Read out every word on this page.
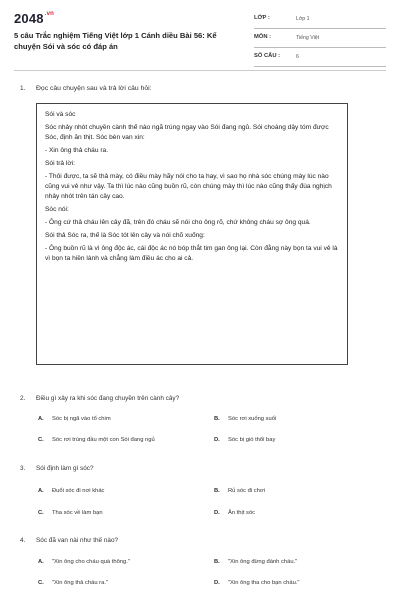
$2048^{.vn}$
5 câu Trắc nghiệm Tiếng Việt lớp 1 Cánh diều Bài 56: Kể chuyện Sói và sóc có đáp án
LỚP :	Lớp 1
MÔN :	Tiếng Việt
SỐ CÂU :	6
1. Đọc câu chuyện sau và trả lời câu hỏi:

Sói và sóc

Sóc nhảy nhót chuyền cành thế nào ngã trúng ngay vào Sói đang ngủ. Sói choàng dậy tóm được Sóc, định ăn thịt. Sóc bèn van xin:

- Xin ông thả cháu ra.

Sói trả lời:

- Thôi được, ta sẽ thả mày, có điều mày hãy nói cho ta hay, vì sao họ nhà sóc chúng mày lúc nào cũng vui vẻ như vậy. Ta thì lúc nào cũng buồn rũ, còn chúng mày thì lúc nào cũng thấy đùa nghịch nhảy nhót trên tán cây cao.

Sóc nói:

- Ông cứ thả cháu lên cây đã, trên đó cháu sẽ nói cho ông rõ, chứ không cháu sợ ông quá.

Sói thả Sóc ra, thế là Sóc tót lên cây và nói chõ xuống:

- Ông buồn rũ là vì ông độc ác, cái độc ác nó bóp thắt tim gan ông lại. Còn đằng này bọn ta vui vẻ là vì bọn ta hiền lành và chẳng làm điều ác cho ai cả.

2. Điều gì xảy ra khi sóc đang chuyền trên cành cây?
A. Sóc bị ngã vào tổ chim	B. Sóc rơi xuống suối
C. Sóc rơi trúng đầu một con Sói đang ngủ	D. Sóc bị gió thổi bay
3. Sói định làm gì sóc?
A. Đuổi sóc đi nơi khác	B. Rủ sóc đi chơi
C. Tha sóc về làm bạn	D. Ăn thịt sóc
4. Sóc đã van nài như thế nào?
A. "Xin ông cho cháu quà thông."	B. "Xin ông đừng đánh cháu."
C. "Xin ông thả cháu ra."	D. "Xin ông tha cho bạn cháu."
